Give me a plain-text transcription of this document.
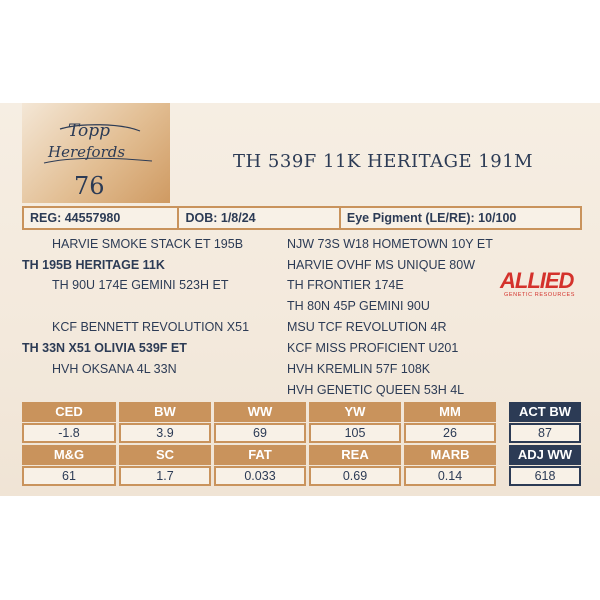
Topp
Herefords
76
TH 539F 11K HERITAGE 191M
REG: 44557980	DOB: 1/8/24	Eye Pigment (LE/RE): 10/100
HARVIE SMOKE STACK ET 195B
TH 195B HERITAGE 11K
TH 90U 174E GEMINI 523H ET
KCF BENNETT REVOLUTION X51
TH 33N X51 OLIVIA 539F ET
HVH OKSANA 4L 33N
NJW 73S W18 HOMETOWN 10Y ET
HARVIE OVHF MS UNIQUE 80W
TH FRONTIER 174E
TH 80N 45P GEMINI 90U
MSU TCF REVOLUTION 4R
KCF MISS PROFICIENT U201
HVH KREMLIN 57F 108K
HVH GENETIC QUEEN 53H 4L
ALLIED
GENETIC RESOURCES
CED	BW	WW	YW	MM
-1.8	3.9	69	105	26
M&G	SC	FAT	REA	MARB
61	1.7	0.033	0.69	0.14
ACT BW
87
ADJ WW
618
